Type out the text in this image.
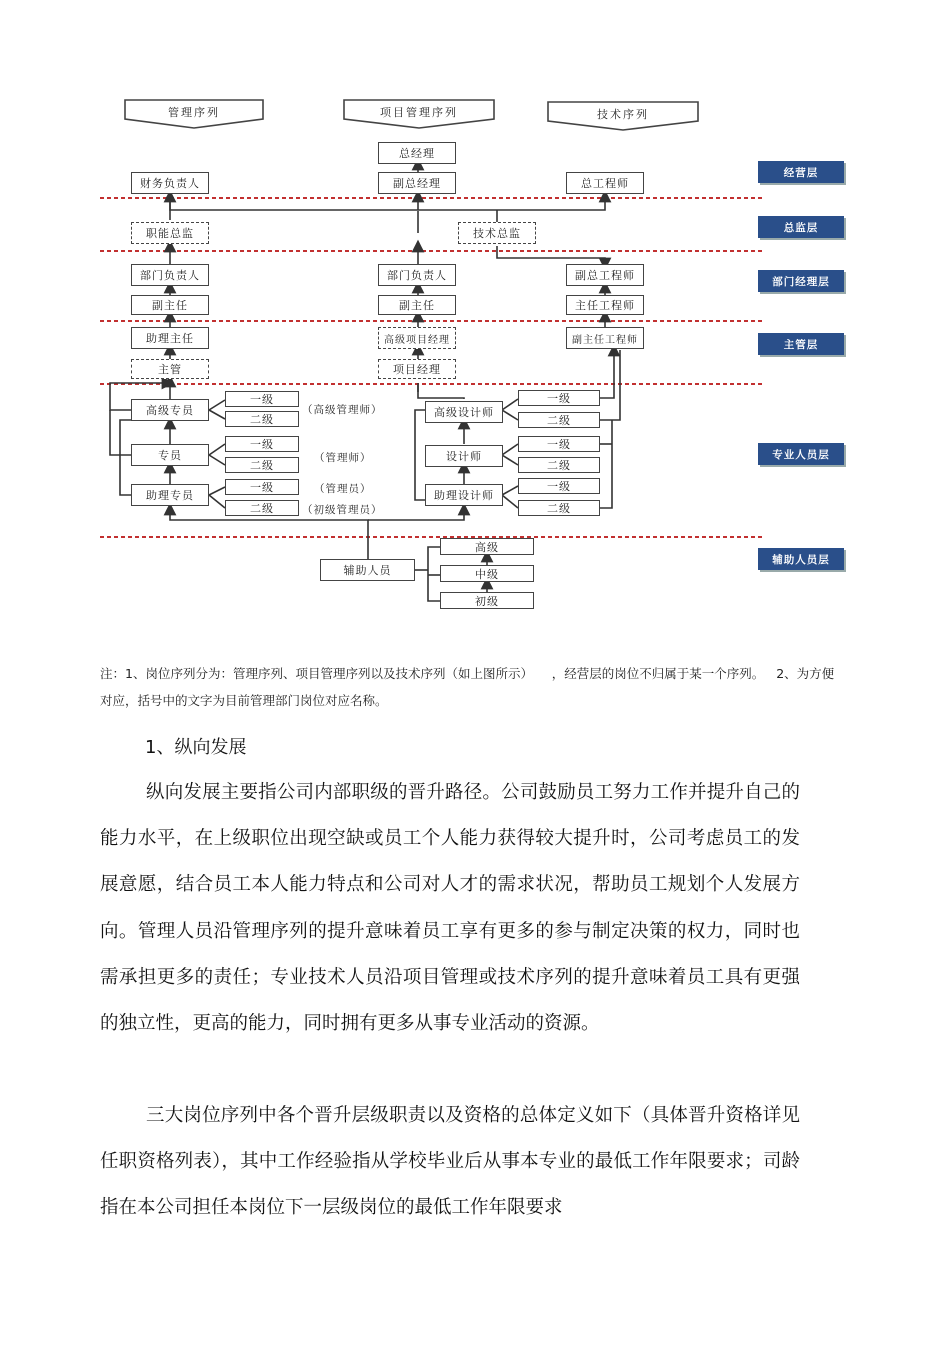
管理序列	项目管理序列	技术序列
经营层
总监层
部门经理层
主管层
专业人员层
辅助人员层
总经理
财务负责人	副总经理	总工程师
职能总监	技术总监
部门负责人	部门负责人	副总工程师
副主任	副主任	主任工程师
助理主任	高级项目经理	副主任工程师
主管	项目经理
高级专员
专员
助理专员
一级
二级
一级
二级
一级
二级
（高级管理师）
（管理师）
（管理员）
（初级管理员）
高级设计师
设计师
助理设计师
一级
二级
一级
二级
一级
二级
辅助人员
高级
中级
初级
注：1、岗位序列分为：管理序列、项目管理序列以及技术序列（如上图所示）　　，经营层的岗位不归属于某一个序列。 2、为方便对应，括号中的文字为目前管理部门岗位对应名称。
1、纵向发展
纵向发展主要指公司内部职级的晋升路径。公司鼓励员工努力工作并提升自己的能力水平，在上级职位出现空缺或员工个人能力获得较大提升时，公司考虑员工的发展意愿，结合员工本人能力特点和公司对人才的需求状况，帮助员工规划个人发展方向。管理人员沿管理序列的提升意味着员工享有更多的参与制定决策的权力，同时也需承担更多的责任；专业技术人员沿项目管理或技术序列的提升意味着员工具有更强的独立性，更高的能力，同时拥有更多从事专业活动的资源。
三大岗位序列中各个晋升层级职责以及资格的总体定义如下（具体晋升资格详见任职资格列表），其中工作经验指从学校毕业后从事本专业的最低工作年限要求；司龄指在本公司担任本岗位下一层级岗位的最低工作年限要求
